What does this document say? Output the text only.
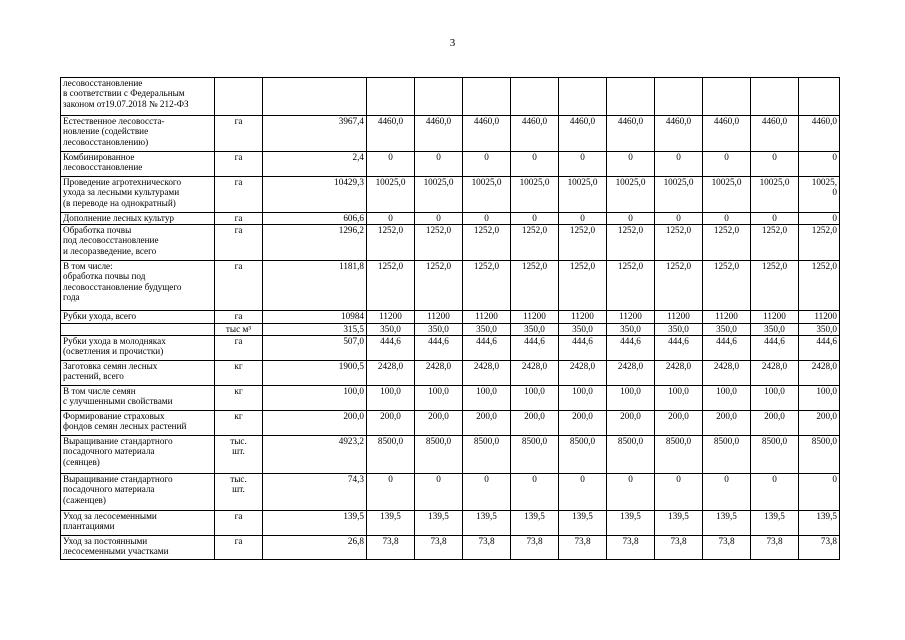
3
лесовосстановление
в соответствии с Федеральным
законом от19.07.2018 № 212-ФЗ												
Естественное лесовосста-
новление (содействие
лесовосстановлению)	га	3967,4	4460,0	4460,0	4460,0	4460,0	4460,0	4460,0	4460,0	4460,0	4460,0	4460,0
Комбинированное
лесовосстановление	га	2,4	0	0	0	0	0	0	0	0	0	0
Проведение агротехнического
ухода за лесными культурами
(в переводе на однократный)	га	10429,3	10025,0	10025,0	10025,0	10025,0	10025,0	10025,0	10025,0	10025,0	10025,0	10025,
0
Дополнение лесных культур	га	606,6	0	0	0	0	0	0	0	0	0	0
Обработка почвы
под лесовосстановление
и лесоразведение, всего	га	1296,2	1252,0	1252,0	1252,0	1252,0	1252,0	1252,0	1252,0	1252,0	1252,0	1252,0
В том числе:
обработка почвы под
лесовосстановление будущего
года	га	1181,8	1252,0	1252,0	1252,0	1252,0	1252,0	1252,0	1252,0	1252,0	1252,0	1252,0
Рубки ухода, всего	га	10984	11200	11200	11200	11200	11200	11200	11200	11200	11200	11200
	тыс м³	315,5	350,0	350,0	350,0	350,0	350,0	350,0	350,0	350,0	350,0	350,0
Рубки ухода в молодняках
(осветления и прочистки)	га	507,0	444,6	444,6	444,6	444,6	444,6	444,6	444,6	444,6	444,6	444,6
Заготовка семян лесных
растений, всего	кг	1900,5	2428,0	2428,0	2428,0	2428,0	2428,0	2428,0	2428,0	2428,0	2428,0	2428,0
В том числе семян
с улучшенными свойствами	кг	100,0	100,0	100,0	100,0	100,0	100,0	100,0	100,0	100,0	100,0	100,0
Формирование страховых
фондов семян лесных растений	кг	200,0	200,0	200,0	200,0	200,0	200,0	200,0	200,0	200,0	200,0	200,0
Выращивание стандартного
посадочного материала
(сеянцев)	тыс.
шт.	4923,2	8500,0	8500,0	8500,0	8500,0	8500,0	8500,0	8500,0	8500,0	8500,0	8500,0
Выращивание стандартного
посадочного материала
(саженцев)	тыс.
шт.	74,3	0	0	0	0	0	0	0	0	0	0
Уход за лесосеменными
плантациями	га	139,5	139,5	139,5	139,5	139,5	139,5	139,5	139,5	139,5	139,5	139,5
Уход за постоянными
лесосеменными участками	га	26,8	73,8	73,8	73,8	73,8	73,8	73,8	73,8	73,8	73,8	73,8
